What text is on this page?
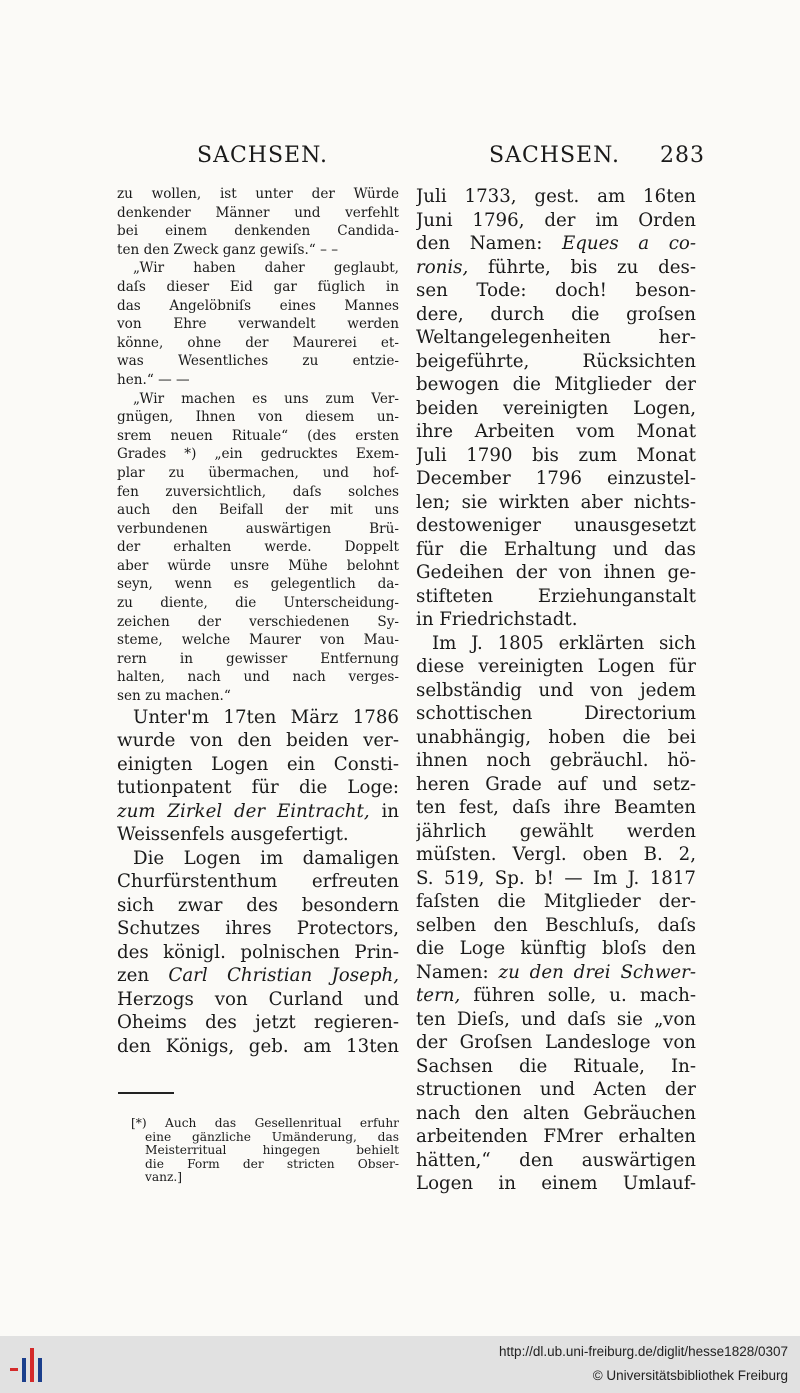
SACHSEN.	SACHSEN. 283
zu wollen, ist unter der Würde
denkender Männer und verfehlt
bei einem denkenden Candida-
ten den Zweck ganz gewiſs.“ – –
„Wir haben daher geglaubt,
daſs dieser Eid gar füglich in
das Angelöbniſs eines Mannes
von Ehre verwandelt werden
könne, ohne der Maurerei et-
was Wesentliches zu entzie-
hen.“ — —
„Wir machen es uns zum Ver-
gnügen, Ihnen von diesem un-
srem neuen Rituale“ (des ersten
Grades *) „ein gedrucktes Exem-
plar zu übermachen, und hof-
fen zuversichtlich, daſs solches
auch den Beifall der mit uns
verbundenen auswärtigen Brü-
der erhalten werde. Doppelt
aber würde unsre Mühe belohnt
seyn, wenn es gelegentlich da-
zu diente, die Unterscheidung-
zeichen der verschiedenen Sy-
steme, welche Maurer von Mau-
rern in gewisser Entfernung
halten, nach und nach verges-
sen zu machen.“
Unter'm 17ten März 1786
wurde von den beiden ver-
einigten Logen ein Consti-
tutionpatent für die Loge:
zum Zirkel der Eintracht, in
Weissenfels ausgefertigt.
Die Logen im damaligen
Churfürstenthum erfreuten
sich zwar des besondern
Schutzes ihres Protectors,
des königl. polnischen Prin-
zen Carl Christian Joseph,
Herzogs von Curland und
Oheims des jetzt regieren-
den Königs, geb. am 13ten
[*) Auch das Gesellenritual erfuhr
eine gänzliche Umänderung, das
Meisterritual hingegen behielt
die Form der stricten Obser-
vanz.]
Juli 1733, gest. am 16ten
Juni 1796, der im Orden
den Namen: Eques a co-
ronis, führte, bis zu des-
sen Tode: doch! beson-
dere, durch die groſsen
Weltangelegenheiten her-
beigeführte, Rücksichten
bewogen die Mitglieder der
beiden vereinigten Logen,
ihre Arbeiten vom Monat
Juli 1790 bis zum Monat
December 1796 einzustel-
len; sie wirkten aber nichts-
destoweniger unausgesetzt
für die Erhaltung und das
Gedeihen der von ihnen ge-
stifteten Erziehunganstalt
in Friedrichstadt.
Im J. 1805 erklärten sich
diese vereinigten Logen für
selbständig und von jedem
schottischen Directorium
unabhängig, hoben die bei
ihnen noch gebräuchl. hö-
heren Grade auf und setz-
ten fest, daſs ihre Beamten
jährlich gewählt werden
müſsten. Vergl. oben B. 2,
S. 519, Sp. b! — Im J. 1817
faſsten die Mitglieder der-
selben den Beschluſs, daſs
die Loge künftig bloſs den
Namen: zu den drei Schwer-
tern, führen solle, u. mach-
ten Dieſs, und daſs sie „von
der Groſsen Landesloge von
Sachsen die Rituale, In-
structionen und Acten der
nach den alten Gebräuchen
arbeitenden FMrer erhalten
hätten,“ den auswärtigen
Logen in einem Umlauf-
http://dl.ub.uni-freiburg.de/diglit/hesse1828/0307
© Universitätsbibliothek Freiburg
